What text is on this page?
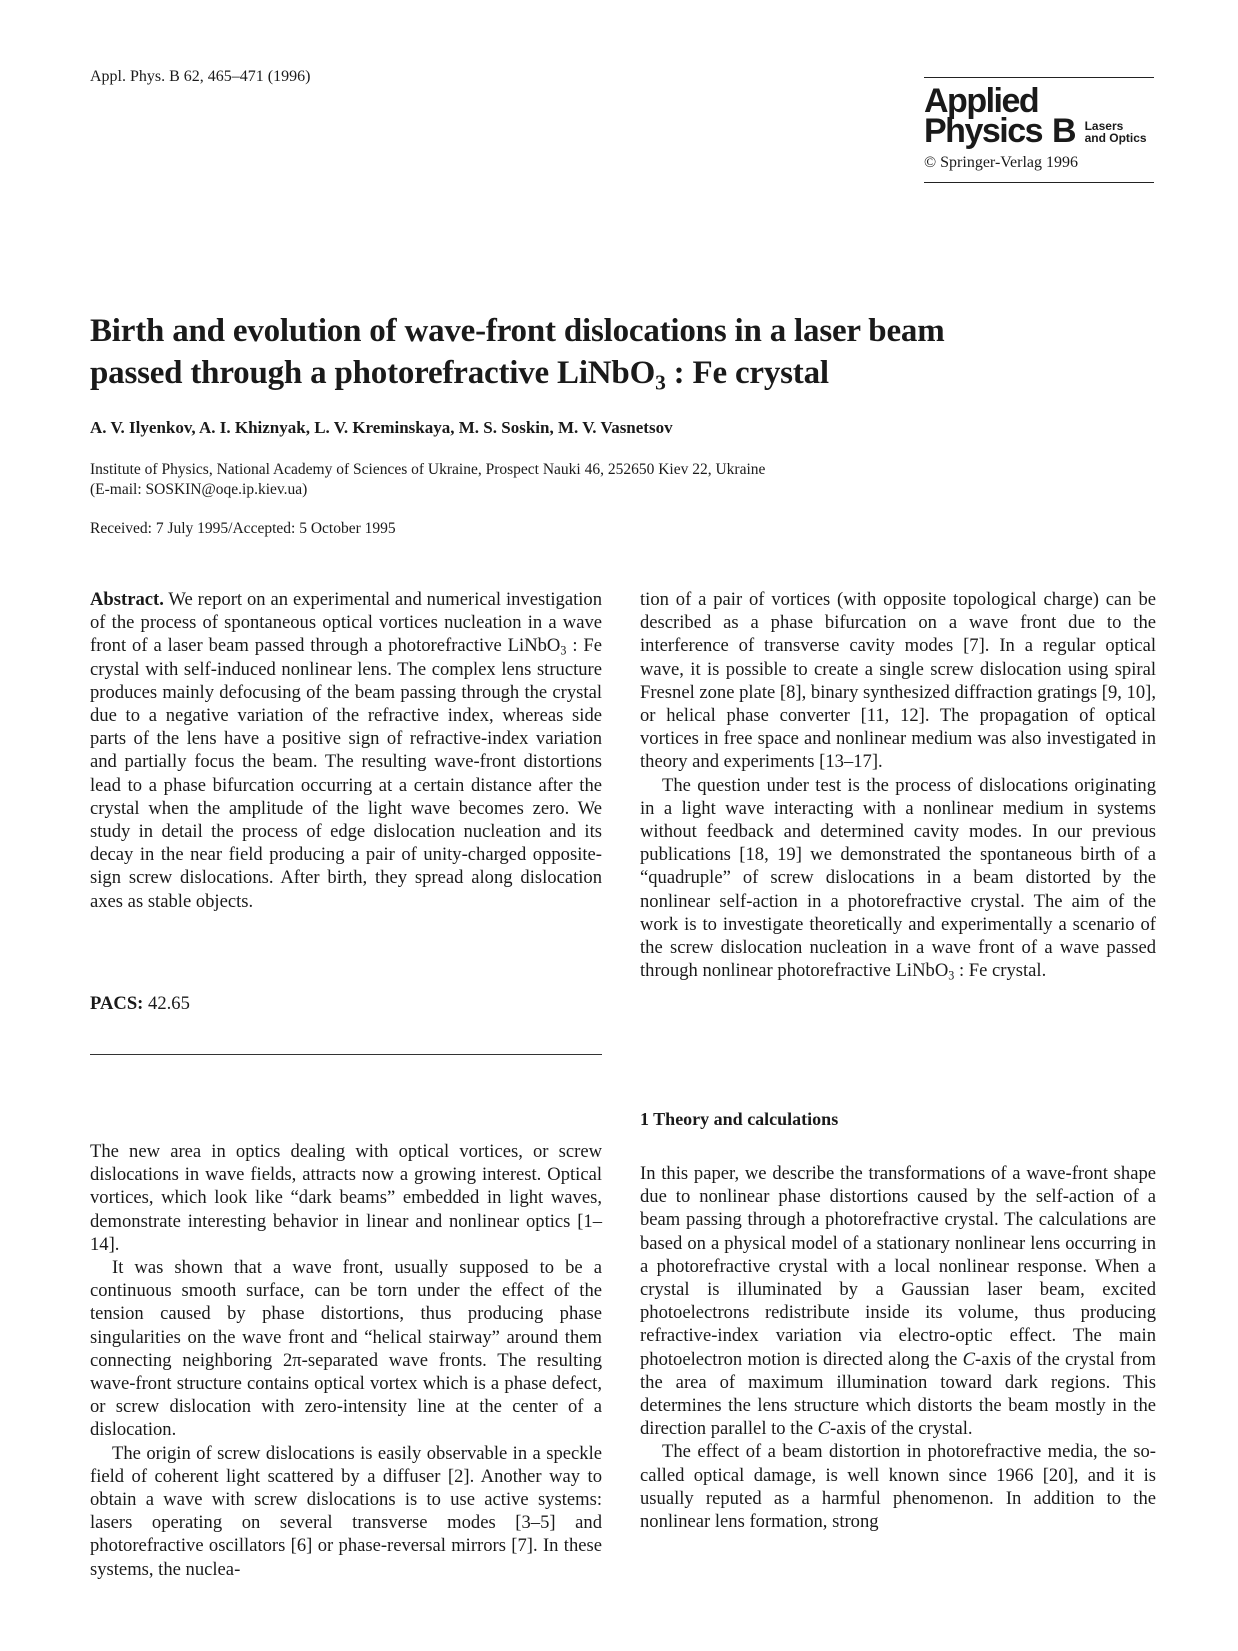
Appl. Phys. B 62, 465–471 (1996)
Applied
Physics B Lasers
and Optics
© Springer-Verlag 1996
Birth and evolution of wave-front dislocations in a laser beam
passed through a photorefractive LiNbO$_3$ : Fe crystal
A. V. Ilyenkov, A. I. Khiznyak, L. V. Kreminskaya, M. S. Soskin, M. V. Vasnetsov
Institute of Physics, National Academy of Sciences of Ukraine, Prospect Nauki 46, 252650 Kiev 22, Ukraine
(E-mail: SOSKIN@oqe.ip.kiev.ua)
Received: 7 July 1995/Accepted: 5 October 1995

Abstract. We report on an experimental and numerical investigation of the process of spontaneous optical vortices nucleation in a wave front of a laser beam passed through a photorefractive LiNbO$_3$ : Fe crystal with self-induced nonlinear lens. The complex lens structure produces mainly defocusing of the beam passing through the crystal due to a negative variation of the refractive index, whereas side parts of the lens have a positive sign of refractive-index variation and partially focus the beam. The resulting wave-front distortions lead to a phase bifurcation occurring at a certain distance after the crystal when the amplitude of the light wave becomes zero. We study in detail the process of edge dislocation nucleation and its decay in the near field producing a pair of unity-charged opposite-sign screw dislocations. After birth, they spread along dislocation axes as stable objects.

PACS: 42.65

The new area in optics dealing with optical vortices, or screw dislocations in wave fields, attracts now a growing interest. Optical vortices, which look like “dark beams” embedded in light waves, demonstrate interesting behavior in linear and nonlinear optics [1–14].

It was shown that a wave front, usually supposed to be a continuous smooth surface, can be torn under the effect of the tension caused by phase distortions, thus producing phase singularities on the wave front and “helical stairway” around them connecting neighboring 2π-separated wave fronts. The resulting wave-front structure contains optical vortex which is a phase defect, or screw dislocation with zero-intensity line at the center of a dislocation.

The origin of screw dislocations is easily observable in a speckle field of coherent light scattered by a diffuser [2]. Another way to obtain a wave with screw dislocations is to use active systems: lasers operating on several transverse modes [3–5] and photorefractive oscillators [6] or phase-reversal mirrors [7]. In these systems, the nuclea-

tion of a pair of vortices (with opposite topological charge) can be described as a phase bifurcation on a wave front due to the interference of transverse cavity modes [7]. In a regular optical wave, it is possible to create a single screw dislocation using spiral Fresnel zone plate [8], binary synthesized diffraction gratings [9, 10], or helical phase converter [11, 12]. The propagation of optical vortices in free space and nonlinear medium was also investigated in theory and experiments [13–17].

The question under test is the process of dislocations originating in a light wave interacting with a nonlinear medium in systems without feedback and determined cavity modes. In our previous publications [18, 19] we demonstrated the spontaneous birth of a “quadruple” of screw dislocations in a beam distorted by the nonlinear self-action in a photorefractive crystal. The aim of the work is to investigate theoretically and experimentally a scenario of the screw dislocation nucleation in a wave front of a wave passed through nonlinear photorefractive LiNbO$_3$ : Fe crystal.

1 Theory and calculations

In this paper, we describe the transformations of a wave-front shape due to nonlinear phase distortions caused by the self-action of a beam passing through a photorefractive crystal. The calculations are based on a physical model of a stationary nonlinear lens occurring in a photorefractive crystal with a local nonlinear response. When a crystal is illuminated by a Gaussian laser beam, excited photoelectrons redistribute inside its volume, thus producing refractive-index variation via electro-optic effect. The main photoelectron motion is directed along the C-axis of the crystal from the area of maximum illumination toward dark regions. This determines the lens structure which distorts the beam mostly in the direction parallel to the C-axis of the crystal.

The effect of a beam distortion in photorefractive media, the so-called optical damage, is well known since 1966 [20], and it is usually reputed as a harmful phenomenon. In addition to the nonlinear lens formation, strong
